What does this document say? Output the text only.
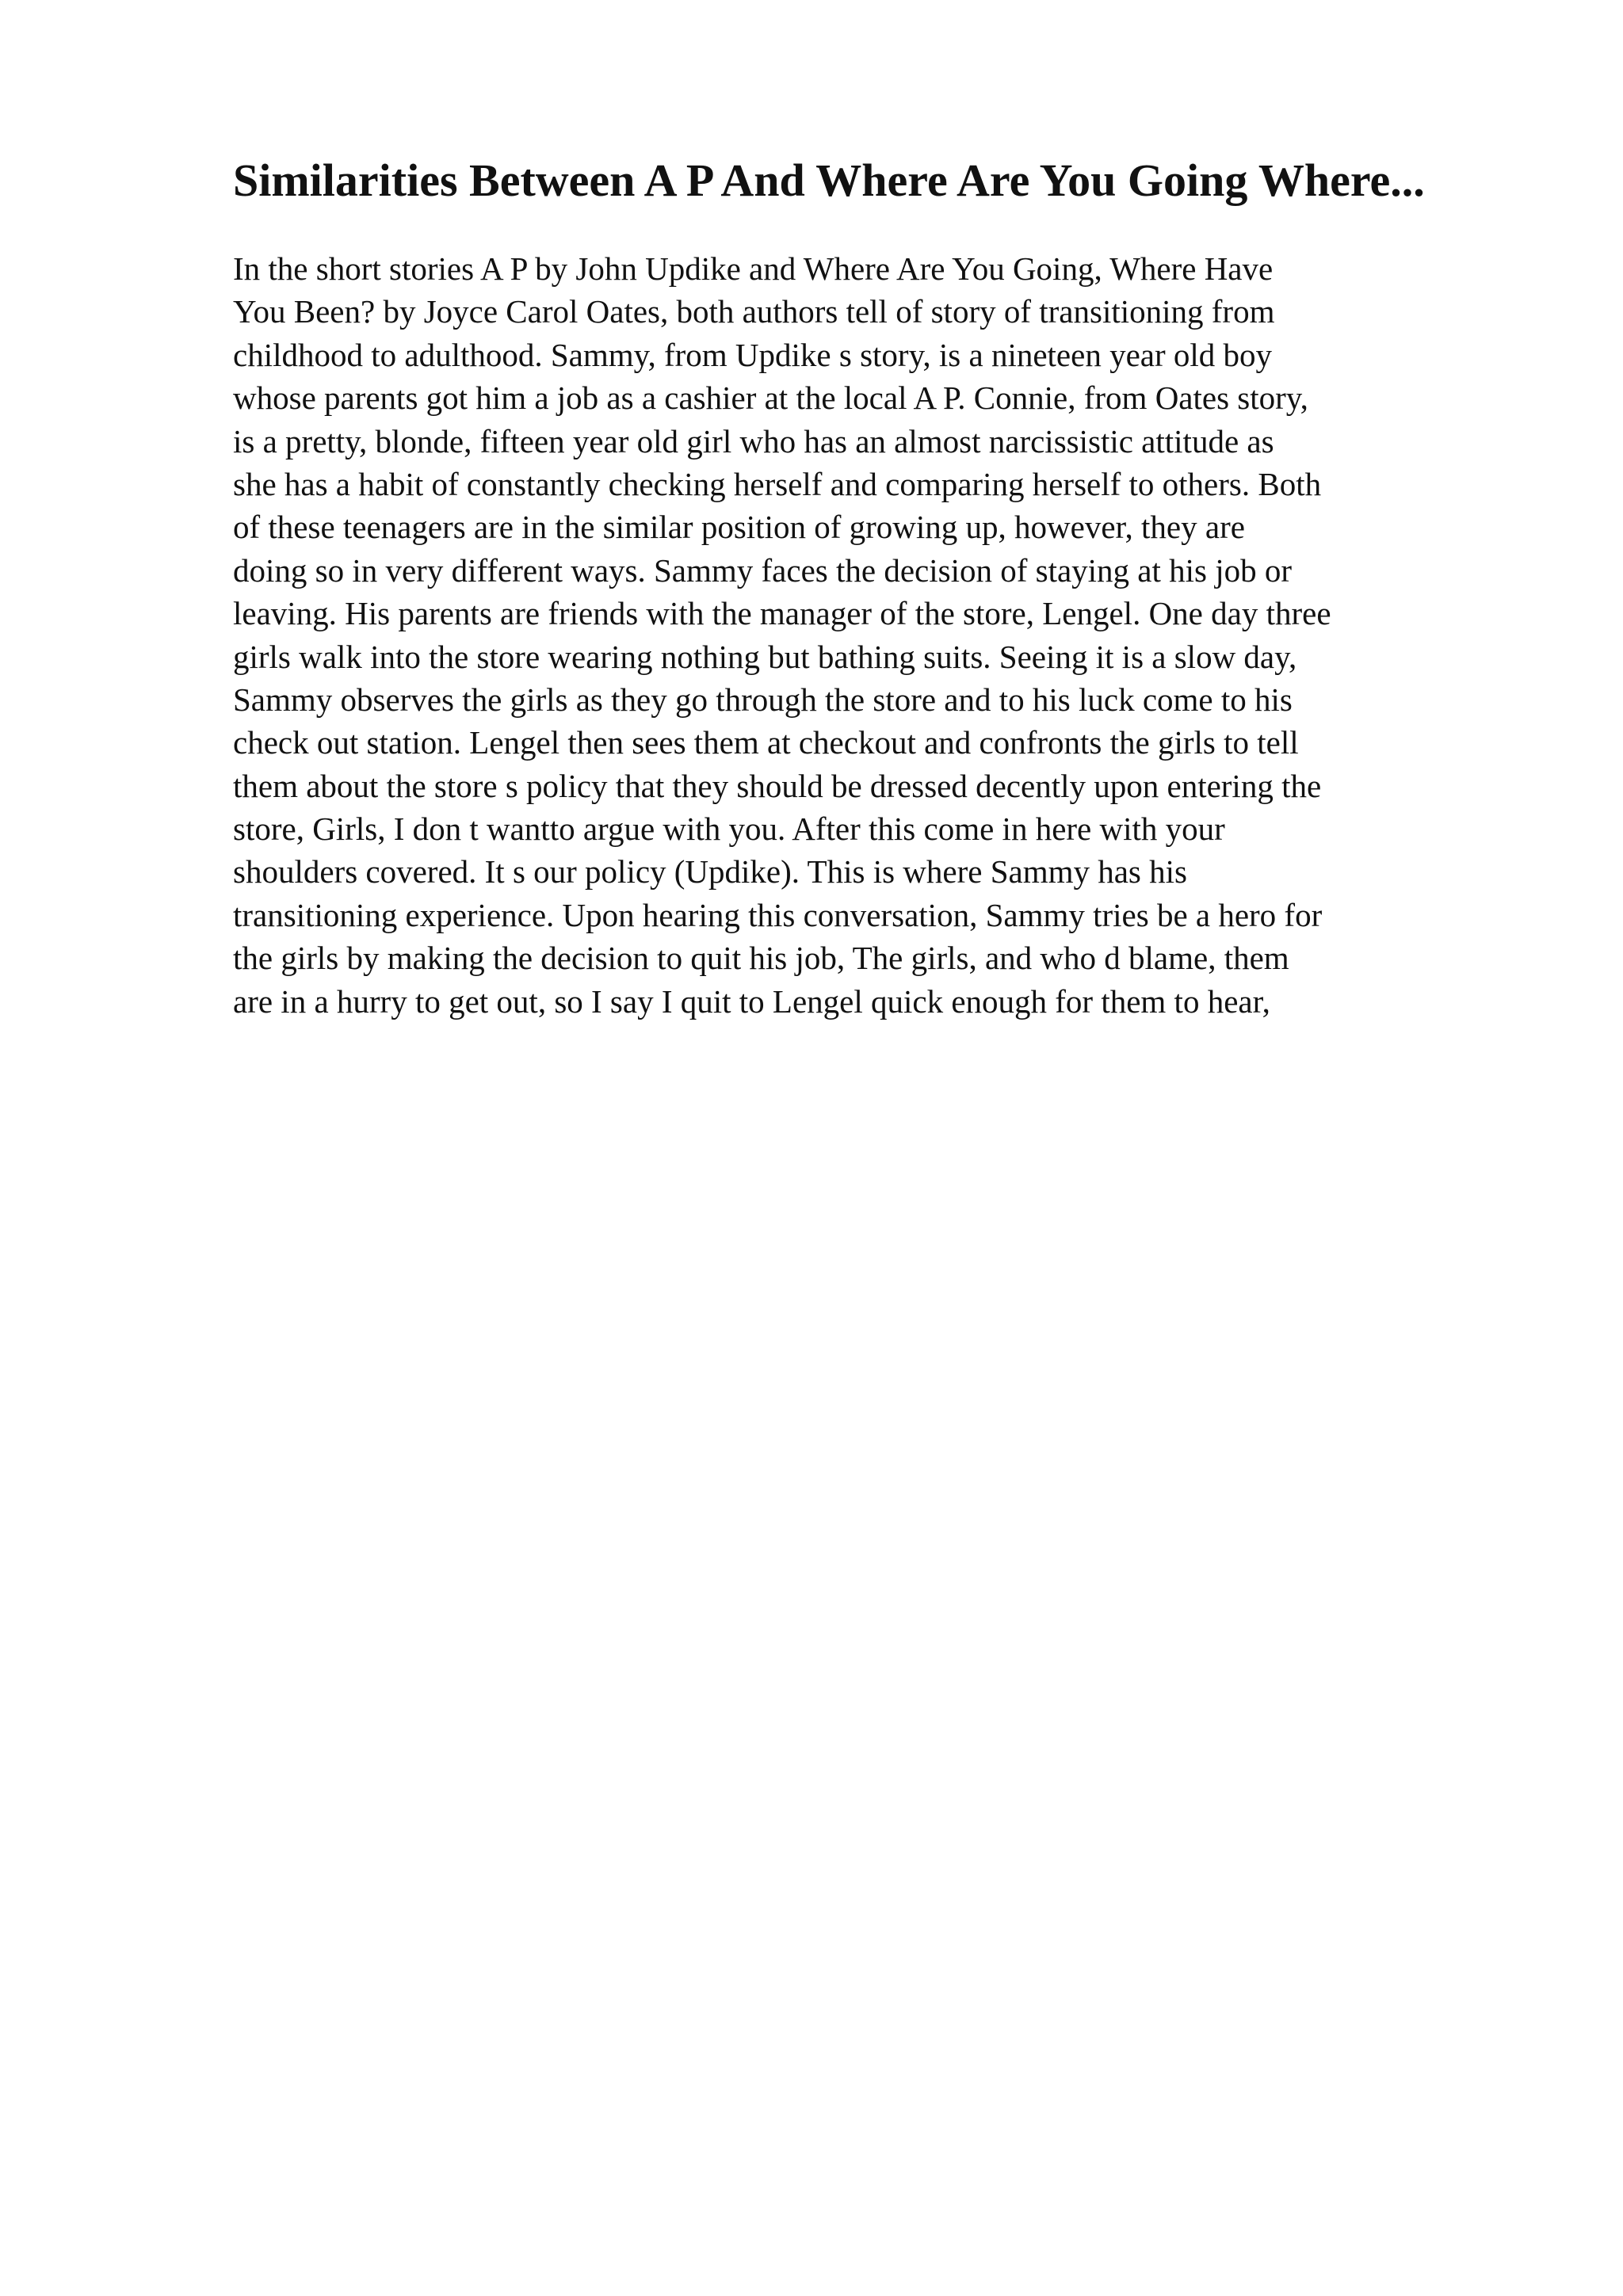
Similarities Between A P And Where Are You Going Where...
In the short stories A P by John Updike and Where Are You Going, Where Have
You Been? by Joyce Carol Oates, both authors tell of story of transitioning from
childhood to adulthood. Sammy, from Updike s story, is a nineteen year old boy
whose parents got him a job as a cashier at the local A P. Connie, from Oates story,
is a pretty, blonde, fifteen year old girl who has an almost narcissistic attitude as
she has a habit of constantly checking herself and comparing herself to others. Both
of these teenagers are in the similar position of growing up, however, they are
doing so in very different ways. Sammy faces the decision of staying at his job or
leaving. His parents are friends with the manager of the store, Lengel. One day three
girls walk into the store wearing nothing but bathing suits. Seeing it is a slow day,
Sammy observes the girls as they go through the store and to his luck come to his
check out station. Lengel then sees them at checkout and confronts the girls to tell
them about the store s policy that they should be dressed decently upon entering the
store, Girls, I don t wantto argue with you. After this come in here with your
shoulders covered. It s our policy (Updike). This is where Sammy has his
transitioning experience. Upon hearing this conversation, Sammy tries be a hero for
the girls by making the decision to quit his job, The girls, and who d blame, them
are in a hurry to get out, so I say I quit to Lengel quick enough for them to hear,
